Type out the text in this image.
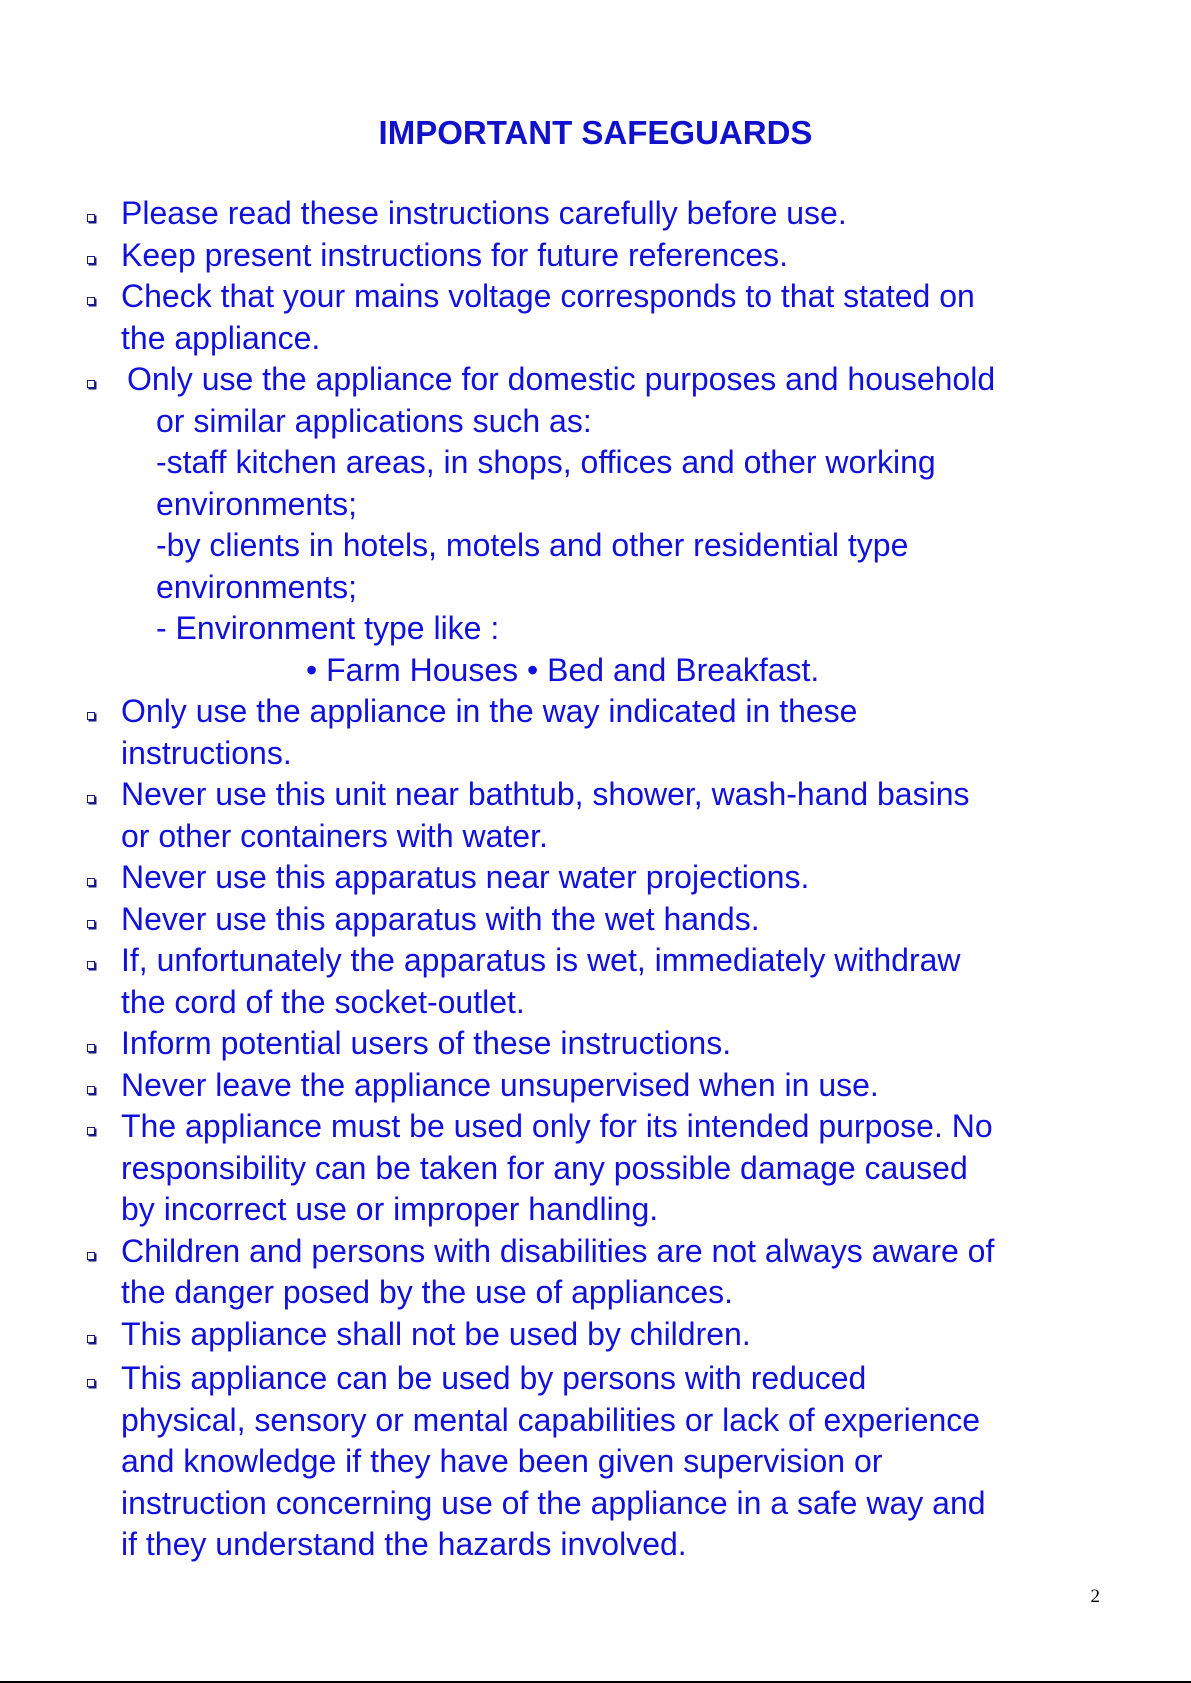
IMPORTANT SAFEGUARDS
Please read these instructions carefully before use.
Keep present instructions for future references.
Check that your mains voltage corresponds to that stated on
the appliance.
Only use the appliance for domestic purposes and household
or similar applications such as:
-staff kitchen areas, in shops, offices and other working
environments;
-by clients in hotels, motels and other residential type
environments;
- Environment type like :
• Farm Houses • Bed and Breakfast.
Only use the appliance in the way indicated in these
instructions.
Never use this unit near bathtub, shower, wash-hand basins
or other containers with water.
Never use this apparatus near water projections.
Never use this apparatus with the wet hands.
If, unfortunately the apparatus is wet, immediately withdraw
the cord of the socket-outlet.
Inform potential users of these instructions.
Never leave the appliance unsupervised when in use.
The appliance must be used only for its intended purpose. No
responsibility can be taken for any possible damage caused
by incorrect use or improper handling.
Children and persons with disabilities are not always aware of
the danger posed by the use of appliances.
This appliance shall not be used by children.
This appliance can be used by persons with reduced
physical, sensory or mental capabilities or lack of experience
and knowledge if they have been given supervision or
instruction concerning use of the appliance in a safe way and
if they understand the hazards involved.
2
